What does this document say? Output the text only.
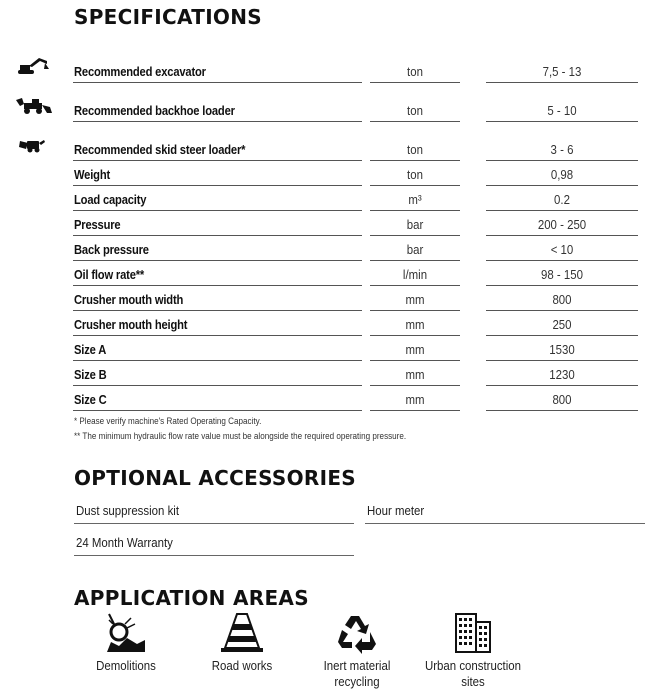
SPECIFICATIONS
Recommended excavator	ton	7,5 - 13
Recommended backhoe loader	ton	5 - 10
Recommended skid steer loader*	ton	3 - 6
Weight	ton	0,98
Load capacity	m³	0.2
Pressure	bar	200 - 250
Back pressure	bar	< 10
Oil flow rate**	l/min	98 - 150
Crusher mouth width	mm	800
Crusher mouth height	mm	250
Size A	mm	1530
Size B	mm	1230
Size C	mm	800
* Please verify machine's Rated Operating Capacity.
** The minimum hydraulic flow rate value must be alongside the required operating pressure.
OPTIONAL ACCESSORIES
Dust suppression kit	Hour meter
24 Month Warranty
APPLICATION AREAS
Demolitions	Road works	Inert material
recycling
Urban construction
sites
